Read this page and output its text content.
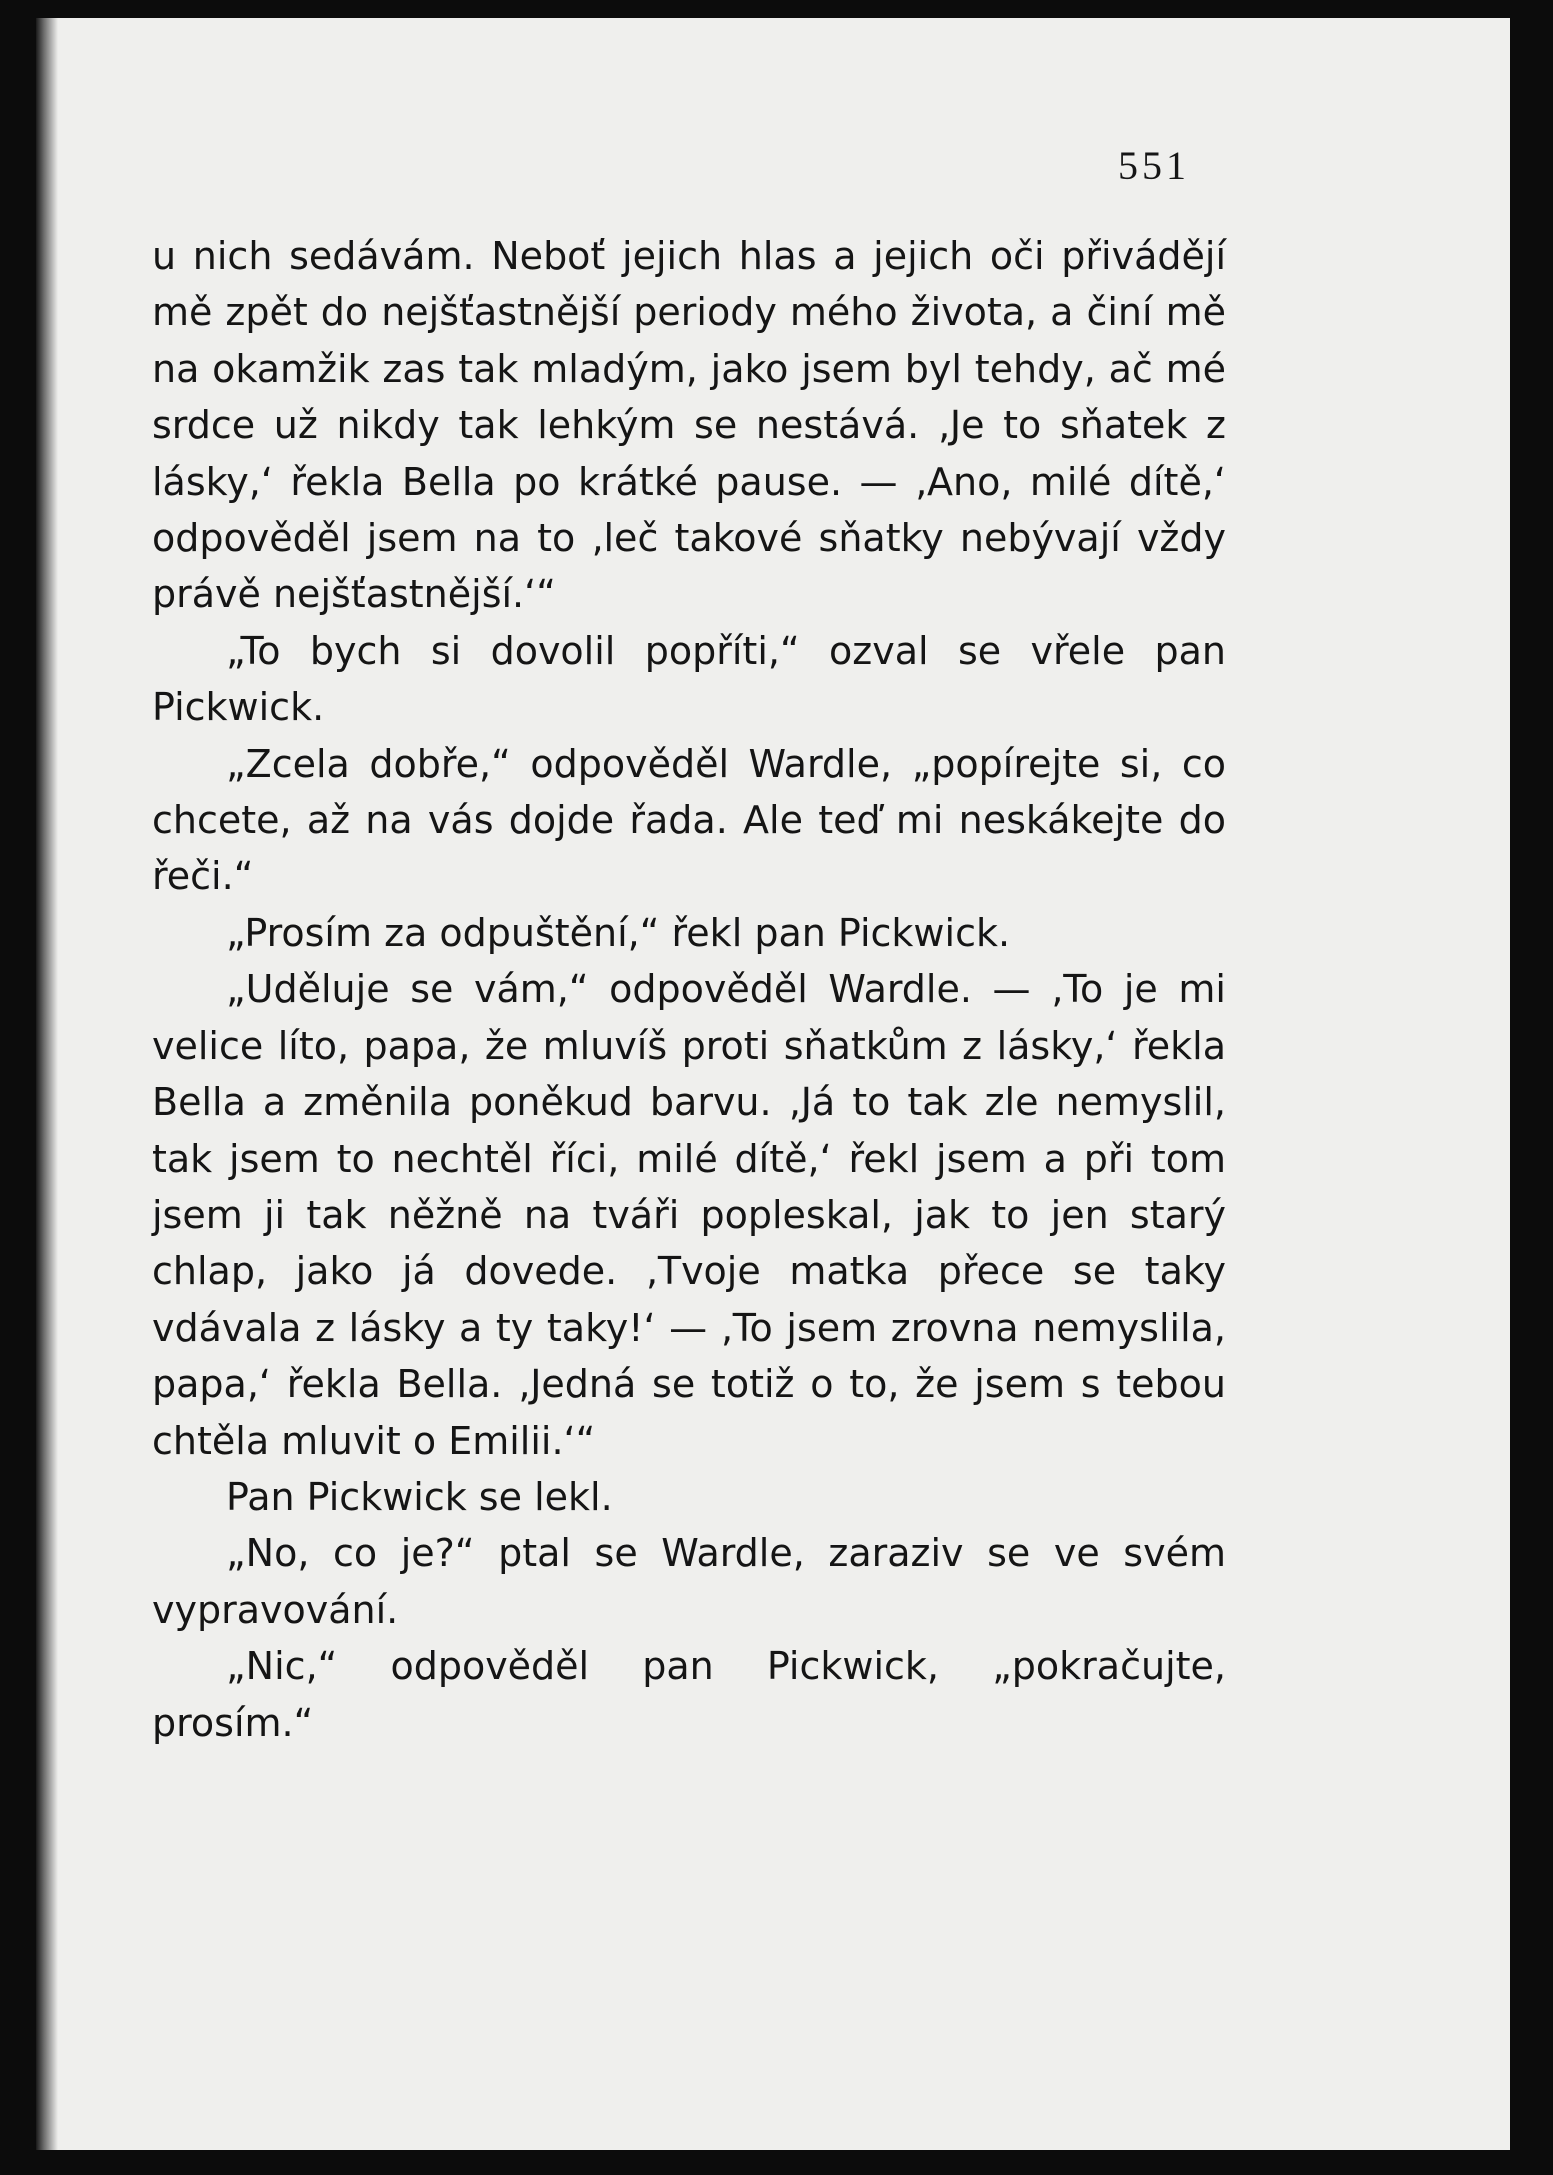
551

u nich sedávám. Neboť jejich hlas a jejich oči přivádějí mě zpět do nejšťastnější periody mého života, a činí mě na okamžik zas tak mladým, jako jsem byl tehdy, ač mé srdce už nikdy tak lehkým se nestává. ‚Je to sňatek z lásky,‘ řekla Bella po krátké pause. — ‚Ano, milé dítě,‘ odpověděl jsem na to ‚leč takové sňatky nebývají vždy právě nejšťastnější.‘“

„To bych si dovolil popříti,“ ozval se vřele pan Pickwick.

„Zcela dobře,“ odpověděl Wardle, „popírejte si, co chcete, až na vás dojde řada. Ale teď mi neskákejte do řeči.“

„Prosím za odpuštění,“ řekl pan Pickwick.

„Uděluje se vám,“ odpověděl Wardle. — ‚To je mi velice líto, papa, že mluvíš proti sňatkům z lásky,‘ řekla Bella a změnila poněkud barvu. ‚Já to tak zle nemyslil, tak jsem to nechtěl říci, milé dítě,‘ řekl jsem a při tom jsem ji tak něžně na tváři popleskal, jak to jen starý chlap, jako já dovede. ‚Tvoje matka přece se taky vdávala z lásky a ty taky!‘ — ‚To jsem zrovna nemyslila, papa,‘ řekla Bella. ‚Jedná se totiž o to, že jsem s tebou chtěla mluvit o Emilii.‘“

Pan Pickwick se lekl.

„No, co je?“ ptal se Wardle, zaraziv se ve svém vypravování.

„Nic,“ odpověděl pan Pickwick, „pokračujte, prosím.“
